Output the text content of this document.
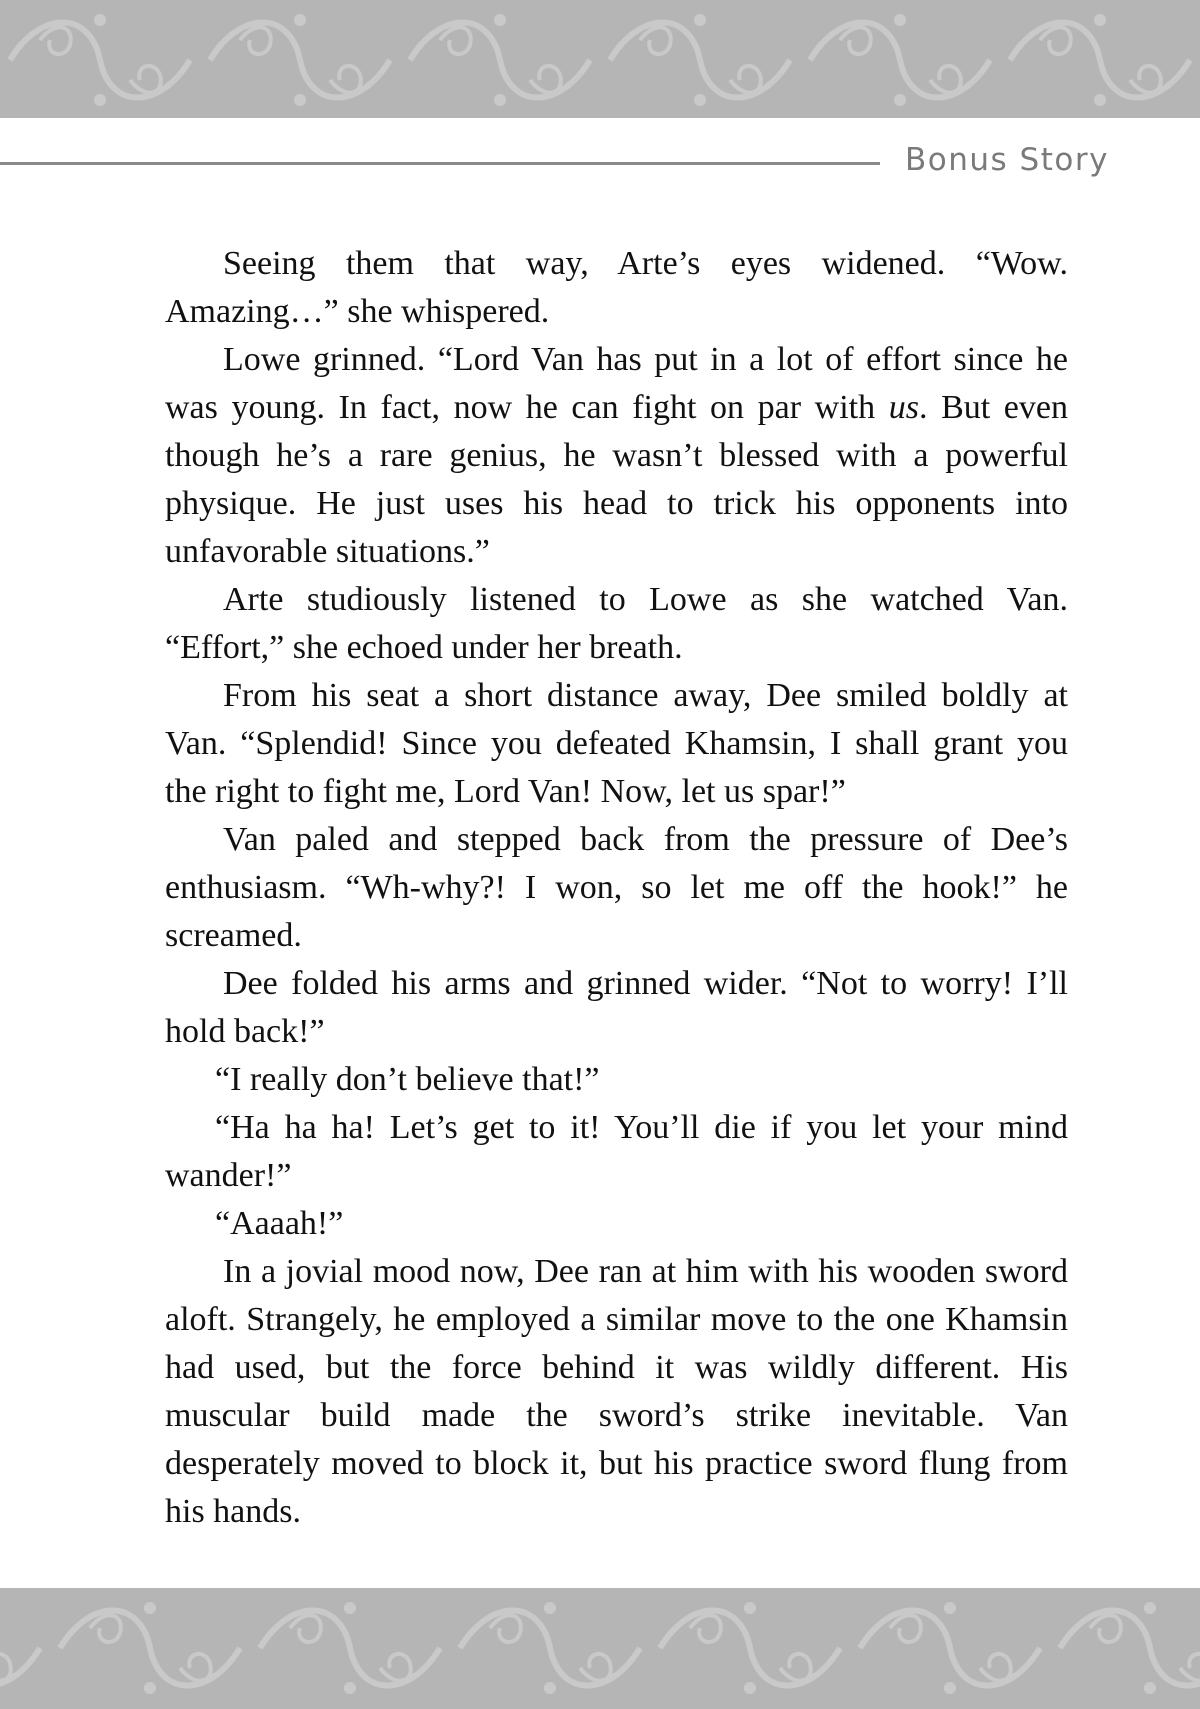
Bonus Story

Seeing them that way, Arte’s eyes widened. “Wow. Amazing…” she whispered.

Lowe grinned. “Lord Van has put in a lot of effort since he was young. In fact, now he can fight on par with us. But even though he’s a rare genius, he wasn’t blessed with a powerful physique. He just uses his head to trick his opponents into unfavorable situations.”

Arte studiously listened to Lowe as she watched Van. “Effort,” she echoed under her breath.

From his seat a short distance away, Dee smiled boldly at Van. “Splendid! Since you defeated Khamsin, I shall grant you the right to fight me, Lord Van! Now, let us spar!”

Van paled and stepped back from the pressure of Dee’s enthusiasm. “Wh-why?! I won, so let me off the hook!” he screamed.

Dee folded his arms and grinned wider. “Not to worry! I’ll hold back!”

“I really don’t believe that!”

“Ha ha ha! Let’s get to it! You’ll die if you let your mind wander!”

“Aaaah!”

In a jovial mood now, Dee ran at him with his wooden sword aloft. Strangely, he employed a similar move to the one Khamsin had used, but the force behind it was wildly different. His muscular build made the sword’s strike inevitable. Van desperately moved to block it, but his practice sword flung from his hands.
